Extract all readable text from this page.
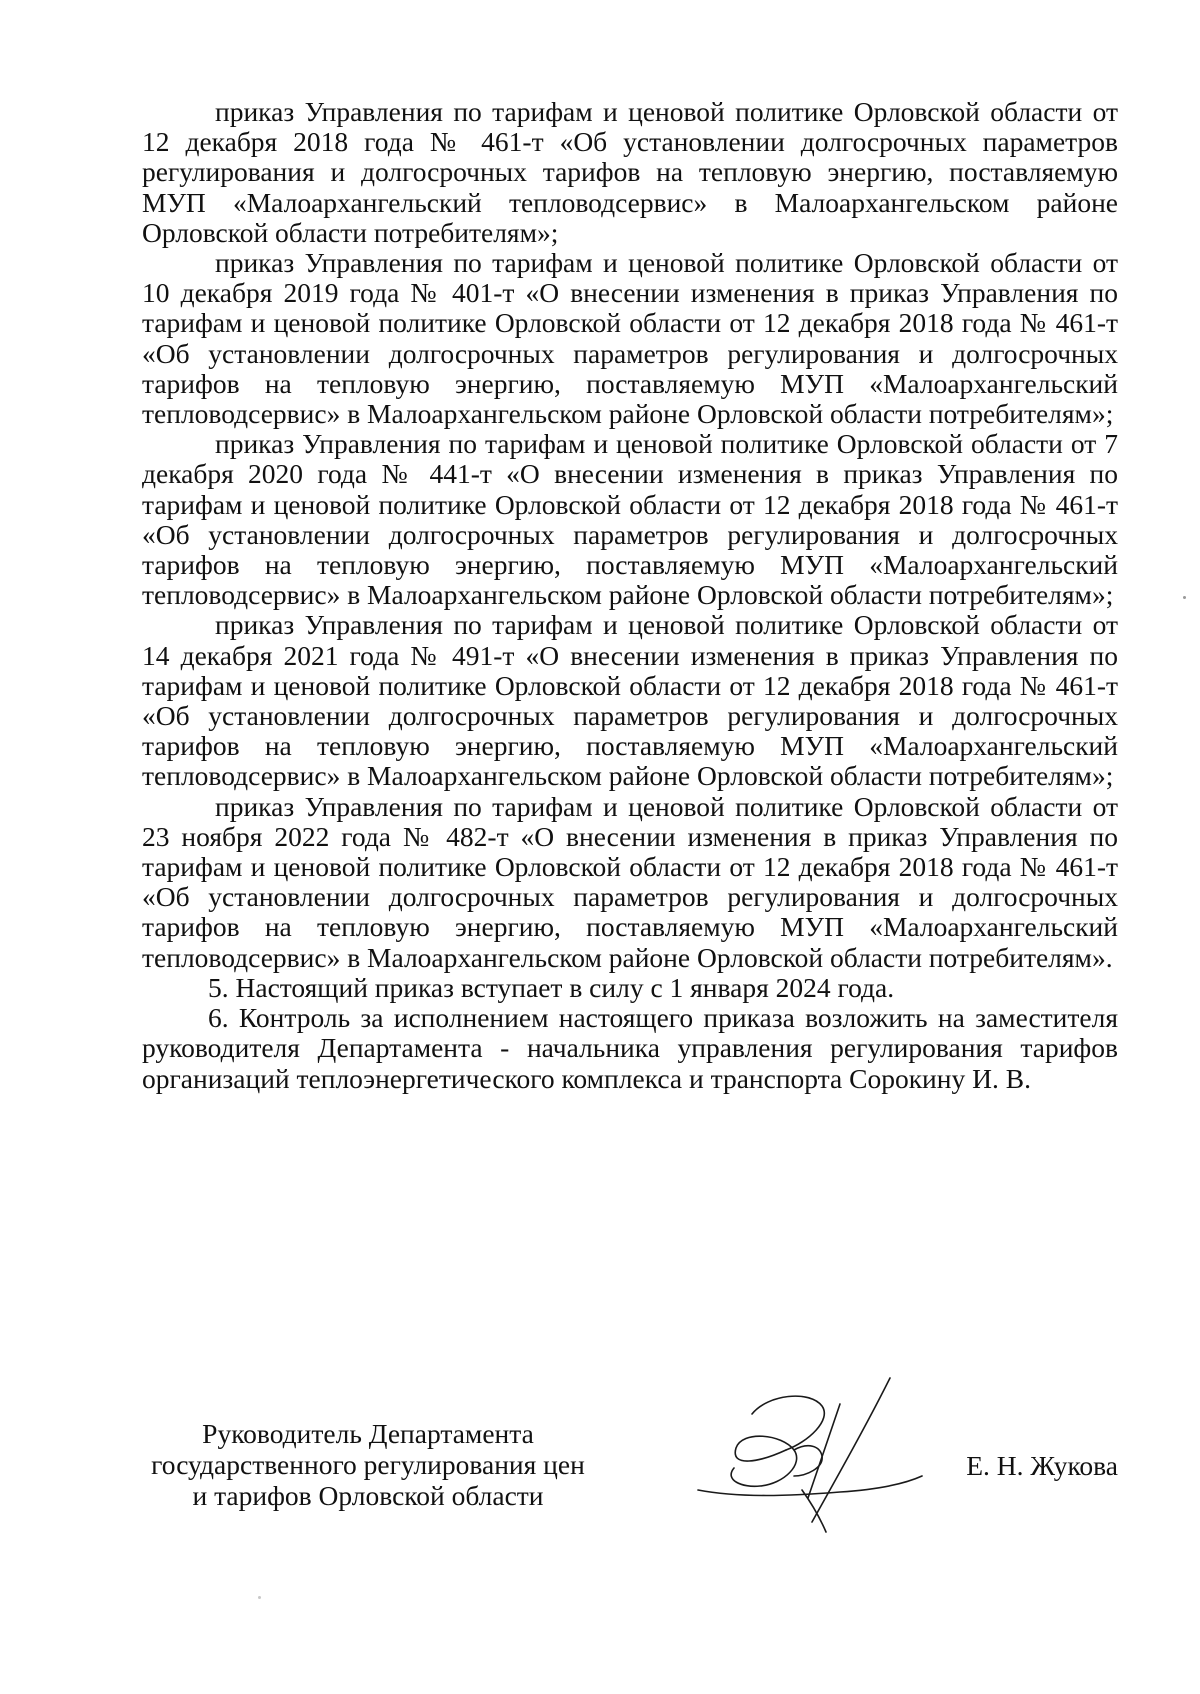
приказ Управления по тарифам и ценовой политике Орловской области от 12 декабря 2018 года № 461-т «Об установлении долгосрочных параметров регулирования и долгосрочных тарифов на тепловую энергию, поставляемую МУП «Малоархангельский тепловодсервис» в Малоархангельском районе Орловской области потребителям»;

приказ Управления по тарифам и ценовой политике Орловской области от 10 декабря 2019 года № 401-т «О внесении изменения в приказ Управления по тарифам и ценовой политике Орловской области от 12 декабря 2018 года № 461-т «Об установлении долгосрочных параметров регулирования и долгосрочных тарифов на тепловую энергию, поставляемую МУП «Малоархангельский тепловодсервис» в Малоархангельском районе Орловской области потребителям»;

приказ Управления по тарифам и ценовой политике Орловской области от 7 декабря 2020 года № 441-т «О внесении изменения в приказ Управления по тарифам и ценовой политике Орловской области от 12 декабря 2018 года № 461-т «Об установлении долгосрочных параметров регулирования и долгосрочных тарифов на тепловую энергию, поставляемую МУП «Малоархангельский тепловодсервис» в Малоархангельском районе Орловской области потребителям»;

приказ Управления по тарифам и ценовой политике Орловской области от 14 декабря 2021 года № 491-т «О внесении изменения в приказ Управления по тарифам и ценовой политике Орловской области от 12 декабря 2018 года № 461-т «Об установлении долгосрочных параметров регулирования и долгосрочных тарифов на тепловую энергию, поставляемую МУП «Малоархангельский тепловодсервис» в Малоархангельском районе Орловской области потребителям»;

приказ Управления по тарифам и ценовой политике Орловской области от 23 ноября 2022 года № 482-т «О внесении изменения в приказ Управления по тарифам и ценовой политике Орловской области от 12 декабря 2018 года № 461-т «Об установлении долгосрочных параметров регулирования и долгосрочных тарифов на тепловую энергию, поставляемую МУП «Малоархангельский тепловодсервис» в Малоархангельском районе Орловской области потребителям».

5. Настоящий приказ вступает в силу с 1 января 2024 года.

6. Контроль за исполнением настоящего приказа возложить на заместителя руководителя Департамента - начальника управления регулирования тарифов организаций теплоэнергетического комплекса и транспорта Сорокину И. В.

Руководитель Департамента
государственного регулирования цен
и тарифов Орловской области
Е. Н. Жукова
